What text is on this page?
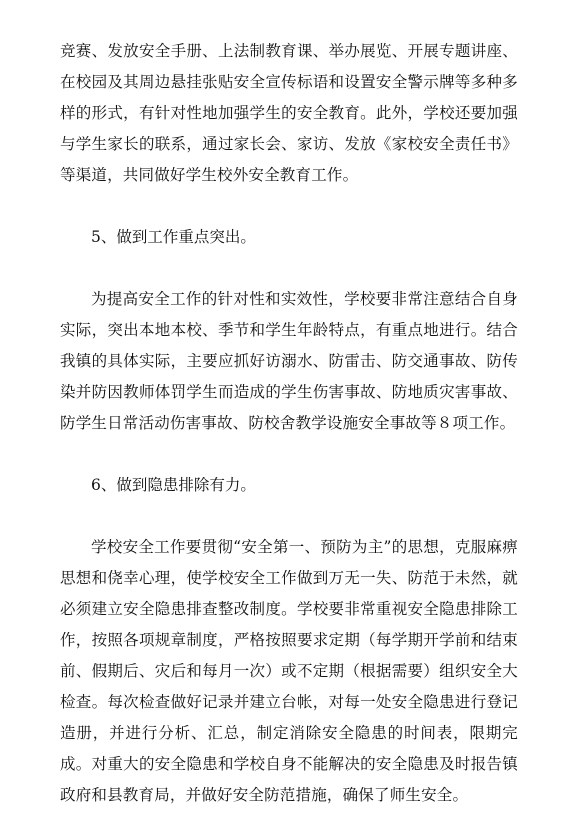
竞赛、发放安全手册、上法制教育课、举办展览、开展专题讲座、在校园及其周边悬挂张贴安全宣传标语和设置安全警示牌等多种多样的形式，有针对性地加强学生的安全教育。此外，学校还要加强与学生家长的联系，通过家长会、家访、发放《家校安全责任书》等渠道，共同做好学生校外安全教育工作。

5、做到工作重点突出。

为提高安全工作的针对性和实效性，学校要非常注意结合自身实际，突出本地本校、季节和学生年龄特点，有重点地进行。结合我镇的具体实际，主要应抓好访溺水、防雷击、防交通事故、防传染并防因教师体罚学生而造成的学生伤害事故、防地质灾害事故、防学生日常活动伤害事故、防校舍教学设施安全事故等８项工作。

6、做到隐患排除有力。

学校安全工作要贯彻“安全第一、预防为主”的思想，克服麻痹思想和侥幸心理，使学校安全工作做到万无一失、防范于未然，就必须建立安全隐患排查整改制度。学校要非常重视安全隐患排除工作，按照各项规章制度，严格按照要求定期（每学期开学前和结束前、假期后、灾后和每月一次）或不定期（根据需要）组织安全大检查。每次检查做好记录并建立台帐，对每一处安全隐患进行登记造册，并进行分析、汇总，制定消除安全隐患的时间表，限期完成。对重大的安全隐患和学校自身不能解决的安全隐患及时报告镇政府和县教育局，并做好安全防范措施，确保了师生安全。
